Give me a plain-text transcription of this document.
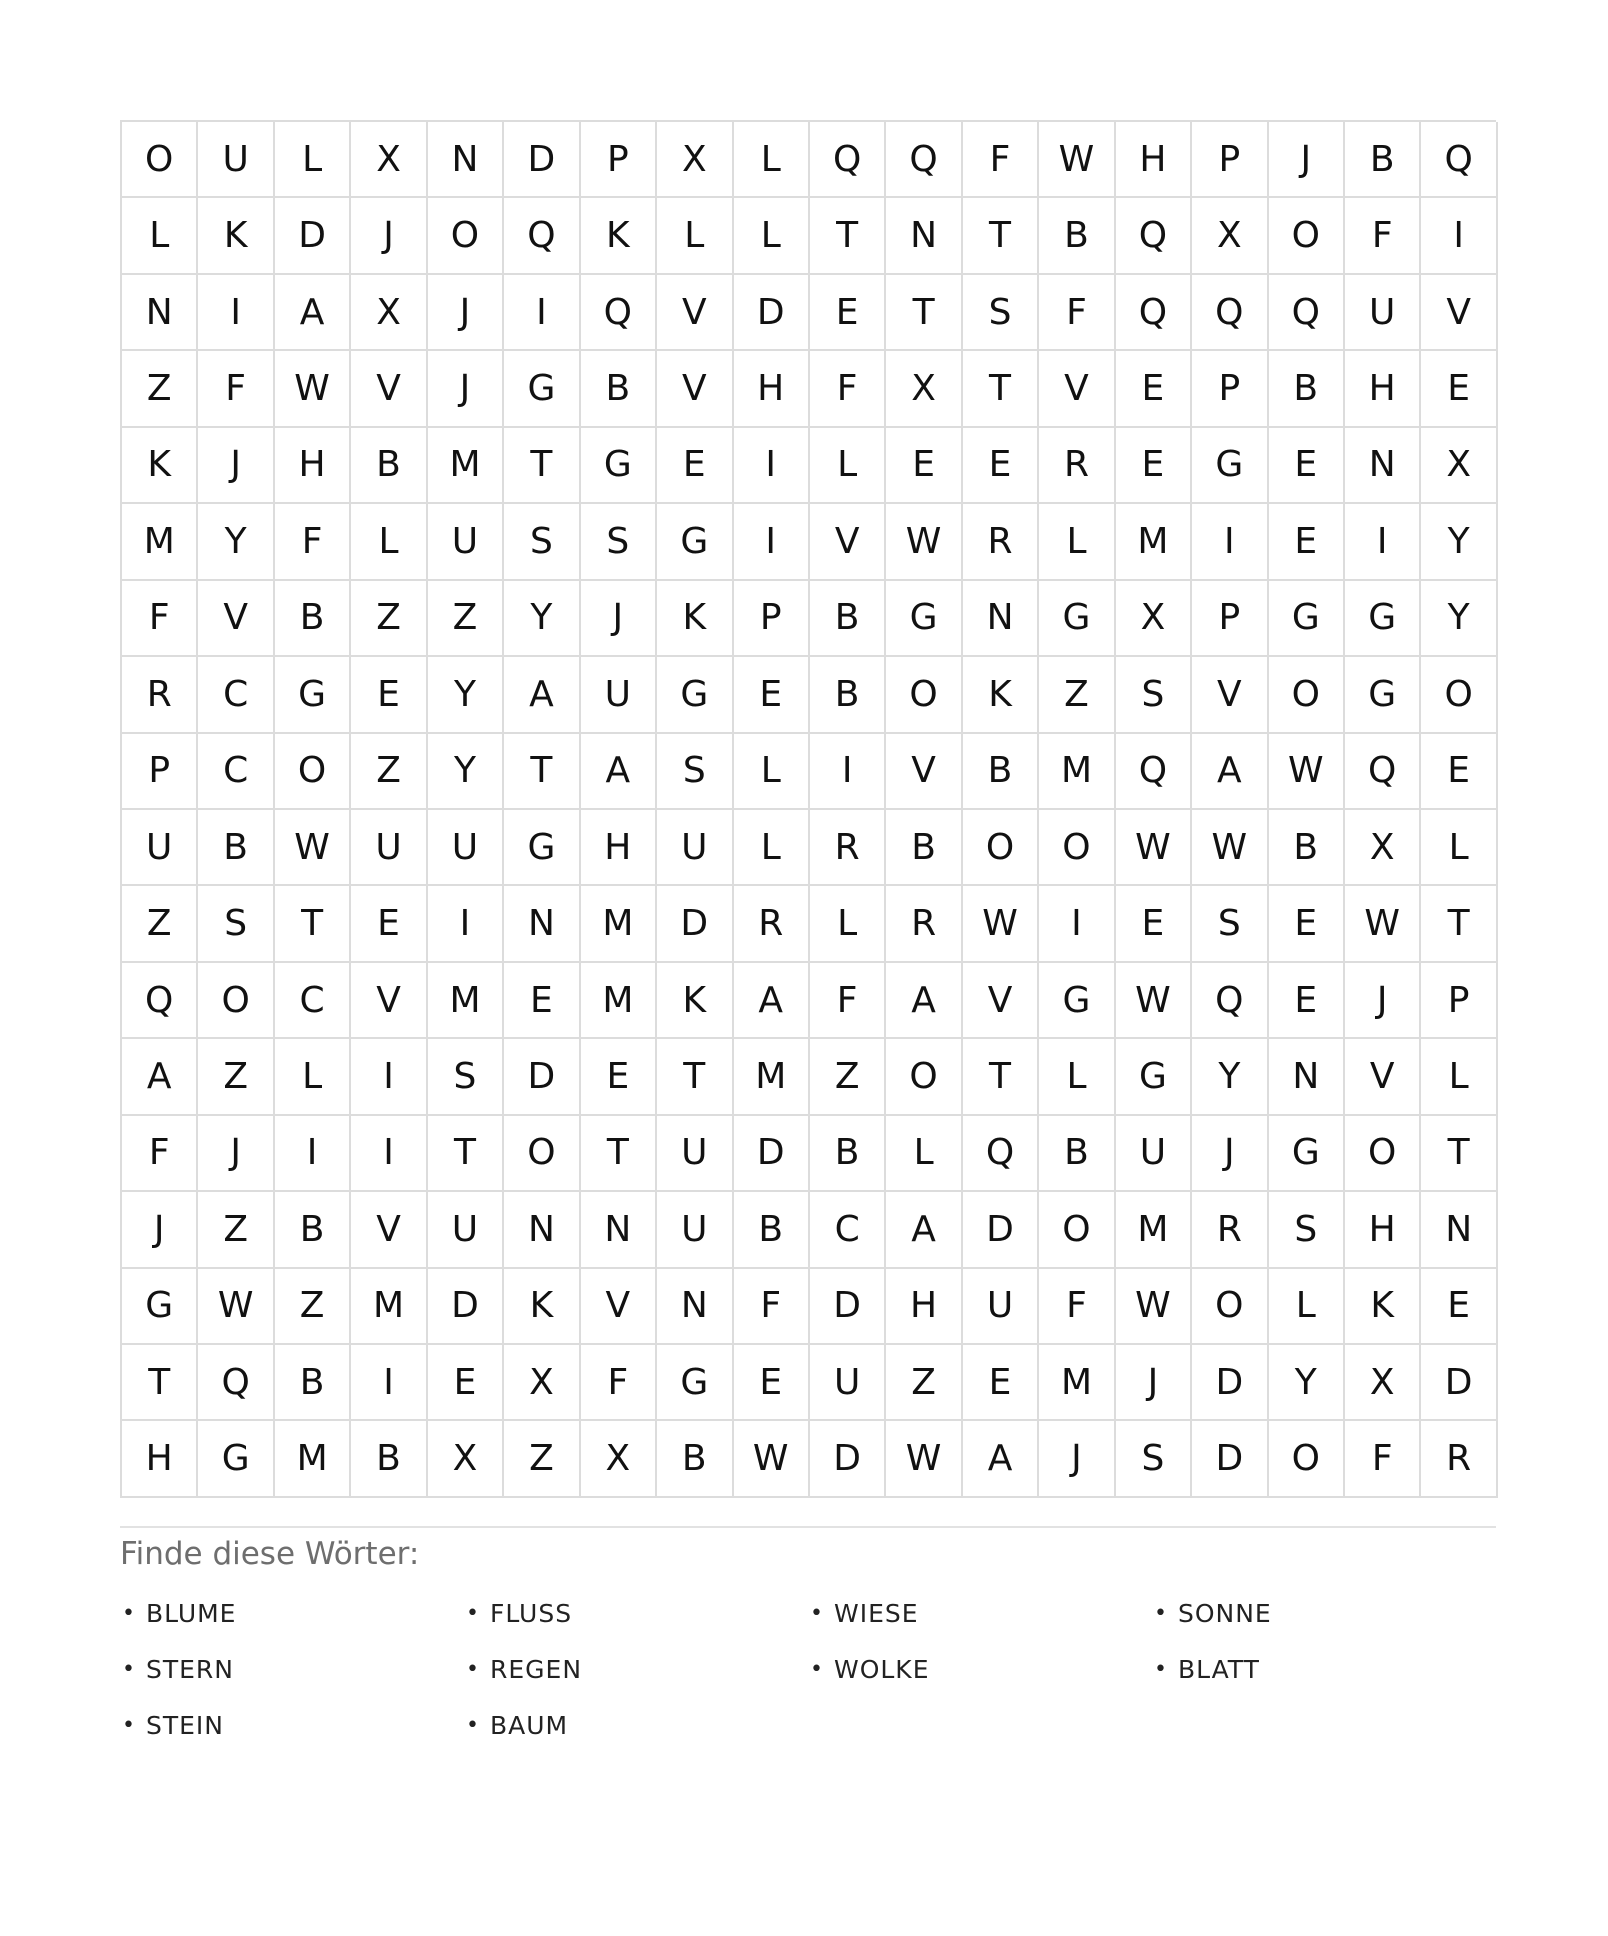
O	U	L	X	N	D	P	X	L	Q	Q	F	W	H	P	J	B	Q
L	K	D	J	O	Q	K	L	L	T	N	T	B	Q	X	O	F	I
N	I	A	X	J	I	Q	V	D	E	T	S	F	Q	Q	Q	U	V
Z	F	W	V	J	G	B	V	H	F	X	T	V	E	P	B	H	E
K	J	H	B	M	T	G	E	I	L	E	E	R	E	G	E	N	X
M	Y	F	L	U	S	S	G	I	V	W	R	L	M	I	E	I	Y
F	V	B	Z	Z	Y	J	K	P	B	G	N	G	X	P	G	G	Y
R	C	G	E	Y	A	U	G	E	B	O	K	Z	S	V	O	G	O
P	C	O	Z	Y	T	A	S	L	I	V	B	M	Q	A	W	Q	E
U	B	W	U	U	G	H	U	L	R	B	O	O	W	W	B	X	L
Z	S	T	E	I	N	M	D	R	L	R	W	I	E	S	E	W	T
Q	O	C	V	M	E	M	K	A	F	A	V	G	W	Q	E	J	P
A	Z	L	I	S	D	E	T	M	Z	O	T	L	G	Y	N	V	L
F	J	I	I	T	O	T	U	D	B	L	Q	B	U	J	G	O	T
J	Z	B	V	U	N	N	U	B	C	A	D	O	M	R	S	H	N
G	W	Z	M	D	K	V	N	F	D	H	U	F	W	O	L	K	E
T	Q	B	I	E	X	F	G	E	U	Z	E	M	J	D	Y	X	D
H	G	M	B	X	Z	X	B	W	D	W	A	J	S	D	O	F	R
Finde diese Wörter:
• BLUME	• FLUSS	• WIESE	• SONNE
• STERN	• REGEN	• WOLKE	• BLATT
• STEIN	• BAUM
